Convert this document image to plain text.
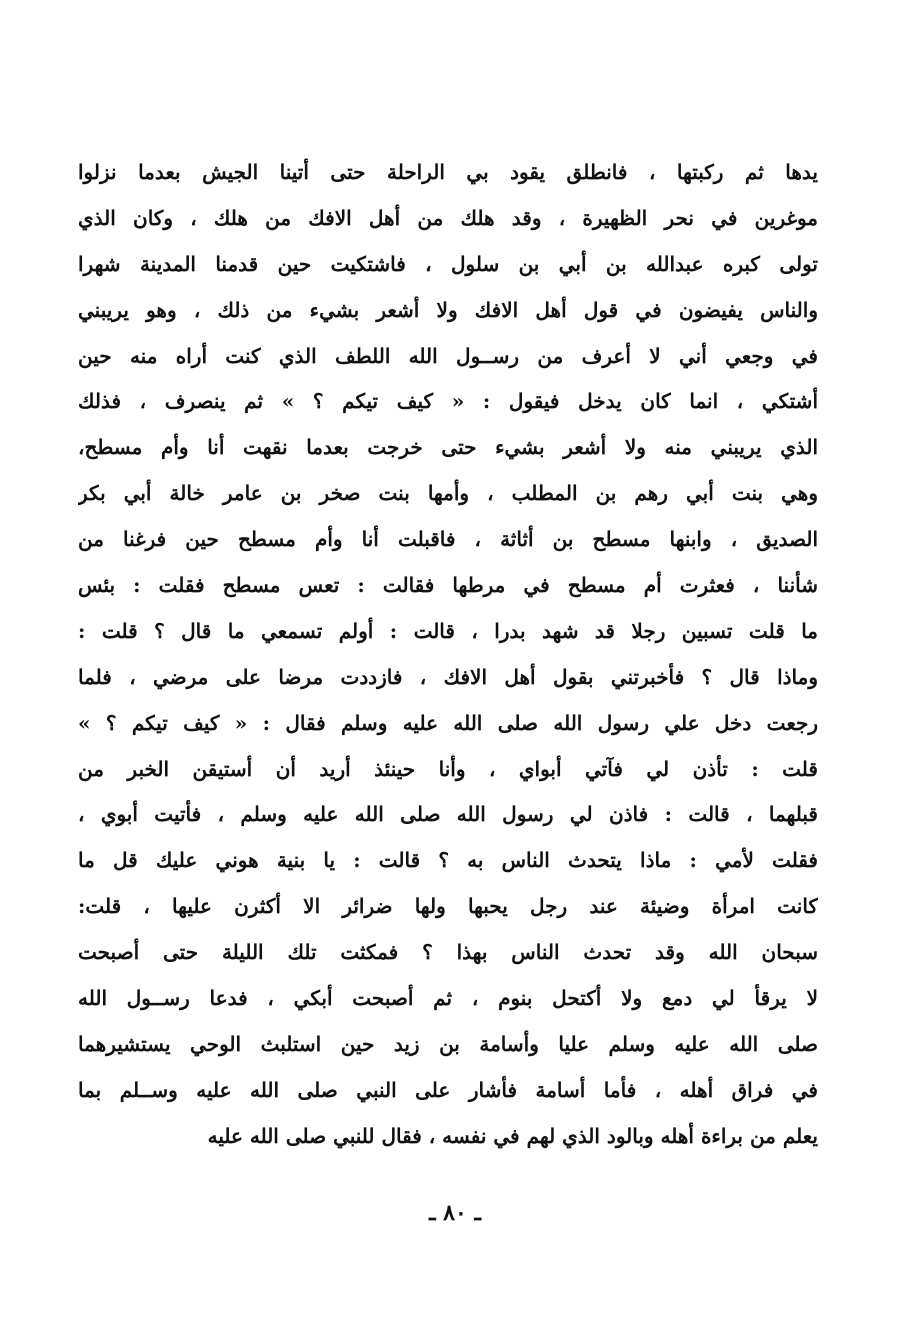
يدها ثم ركبتها ، فانطلق يقود بي الراحلة حتى أتينا الجيش بعدما نزلوا
موغرين في نحر الظهيرة ، وقد هلك من أهل الافك من هلك ، وكان الذي
تولى كبره عبدالله بن أبي بن سلول ، فاشتكيت حين قدمنا المدينة شهرا
والناس يفيضون في قول أهل الافك ولا أشعر بشيء من ذلك ، وهو يريبني
في وجعي أني لا أعرف من رســول الله اللطف الذي كنت أراه منه حين
أشتكي ، انما كان يدخل فيقول : « كيف تيكم ؟ » ثم ينصرف ، فذلك
الذي يريبني منه ولا أشعر بشيء حتى خرجت بعدما نقهت أنا وأم مسطح،
وهي بنت أبي رهم بن المطلب ، وأمها بنت صخر بن عامر خالة أبي بكر
الصديق ، وابنها مسطح بن أثاثة ، فاقبلت أنا وأم مسطح حين فرغنا من
شأننا ، فعثرت أم مسطح في مرطها فقالت : تعس مسطح فقلت : بئس
ما قلت تسبين رجلا قد شهد بدرا ، قالت : أولم تسمعي ما قال ؟ قلت :
وماذا قال ؟ فأخبرتني بقول أهل الافك ، فازددت مرضا على مرضي ، فلما
رجعت دخل علي رسول الله صلى الله عليه وسلم فقال : « كيف تيكم ؟ »
قلت : تأذن لي فآتي أبواي ، وأنا حينئذ أريد أن أستيقن الخبر من
قبلهما ، قالت : فاذن لي رسول الله صلى الله عليه وسلم ، فأتيت أبوي ،
فقلت لأمي : ماذا يتحدث الناس به ؟ قالت : يا بنية هوني عليك قل ما
كانت امرأة وضيئة عند رجل يحبها ولها ضرائر الا أكثرن عليها ، قلت:
سبحان الله وقد تحدث الناس بهذا ؟ فمكثت تلك الليلة حتى أصبحت
لا يرقأ لي دمع ولا أكتحل بنوم ، ثم أصبحت أبكي ، فدعا رســول الله
صلى الله عليه وسلم عليا وأسامة بن زيد حين استلبث الوحي يستشيرهما
في فراق أهله ، فأما أسامة فأشار على النبي صلى الله عليه وســلم بما
يعلم من براءة أهله وبالود الذي لهم في نفسه ، فقال للنبي صلى الله عليه
ـ ٨٠ ـ
